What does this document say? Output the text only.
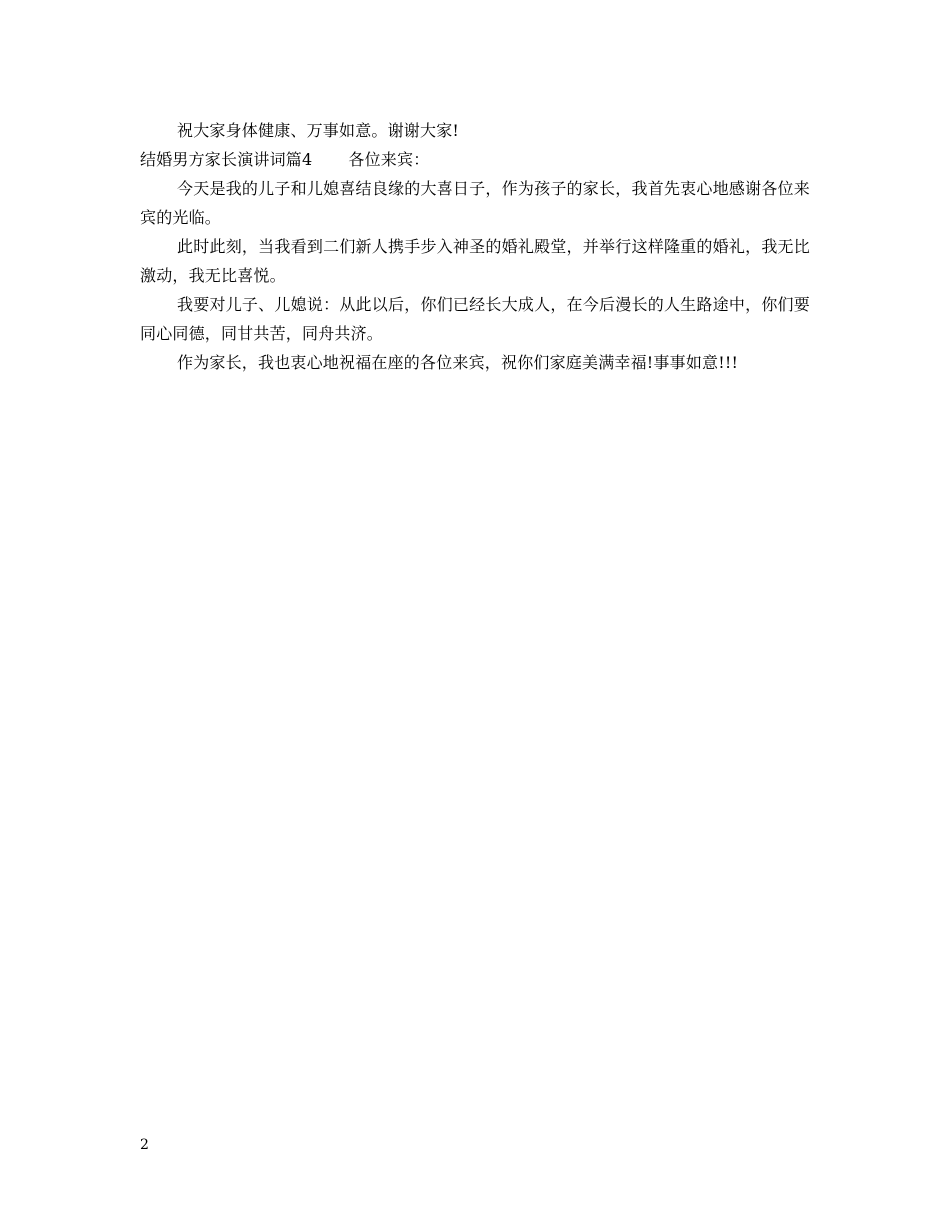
祝大家身体健康、万事如意。谢谢大家!

结婚男方家长演讲词篇4 各位来宾：

今天是我的儿子和儿媳喜结良缘的大喜日子，作为孩子的家长，我首先衷心地感谢各位来宾的光临。

此时此刻，当我看到二们新人携手步入神圣的婚礼殿堂，并举行这样隆重的婚礼，我无比激动，我无比喜悦。

我要对儿子、儿媳说：从此以后，你们已经长大成人，在今后漫长的人生路途中，你们要同心同德，同甘共苦，同舟共济。

作为家长，我也衷心地祝福在座的各位来宾，祝你们家庭美满幸福!事事如意!!!

2
